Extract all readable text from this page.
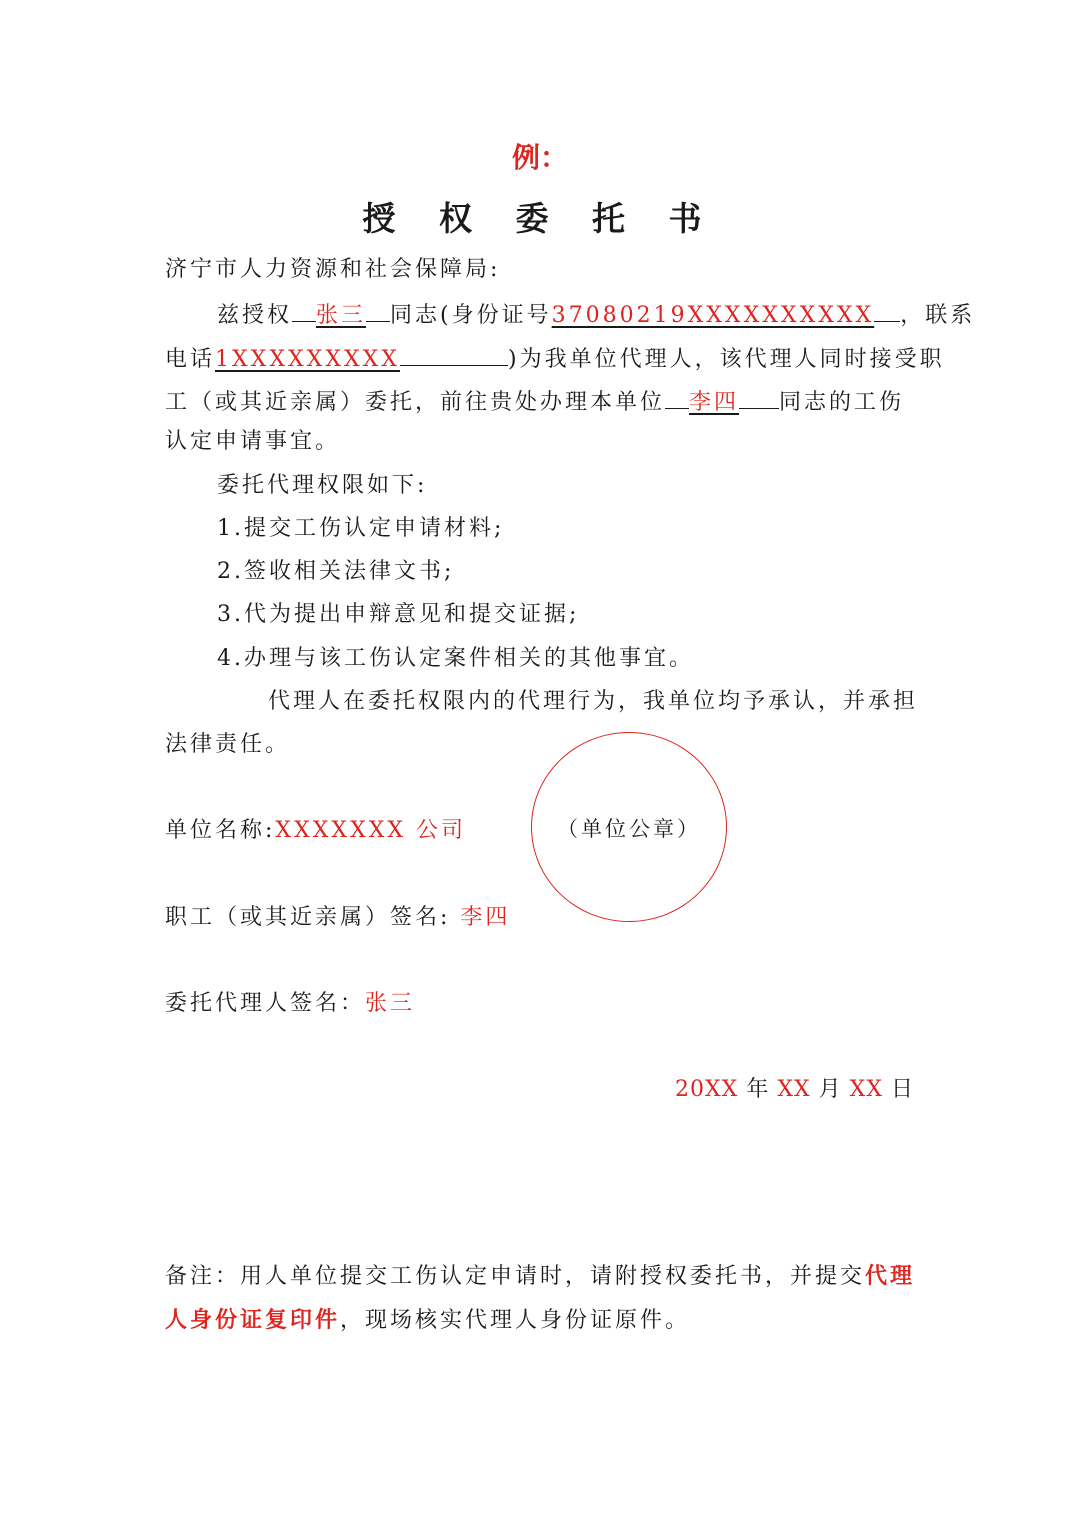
例：
授 权 委 托 书
济宁市人力资源和社会保障局:
兹授权 张三 同志(身份证号37080219XXXXXXXXXX ，联系
电话1XXXXXXXXX	)为我单位代理人，该代理人同时接受职
工（或其近亲属）委托，前往贵处办理本单位 李四 同志的工伤
认定申请事宜。
委托代理权限如下:
1.提交工伤认定申请材料;
2.签收相关法律文书;
3.代为提出申辩意见和提交证据;
4.办理与该工伤认定案件相关的其他事宜。
代理人在委托权限内的代理行为，我单位均予承认，并承担
法律责任。
（单位公章）
单位名称:XXXXXXX 公司
职工（或其近亲属）签名: 李四
委托代理人签名：张三
20XX 年 XX 月 XX 日
备注：用人单位提交工伤认定申请时，请附授权委托书，并提交代理
人身份证复印件，现场核实代理人身份证原件。
